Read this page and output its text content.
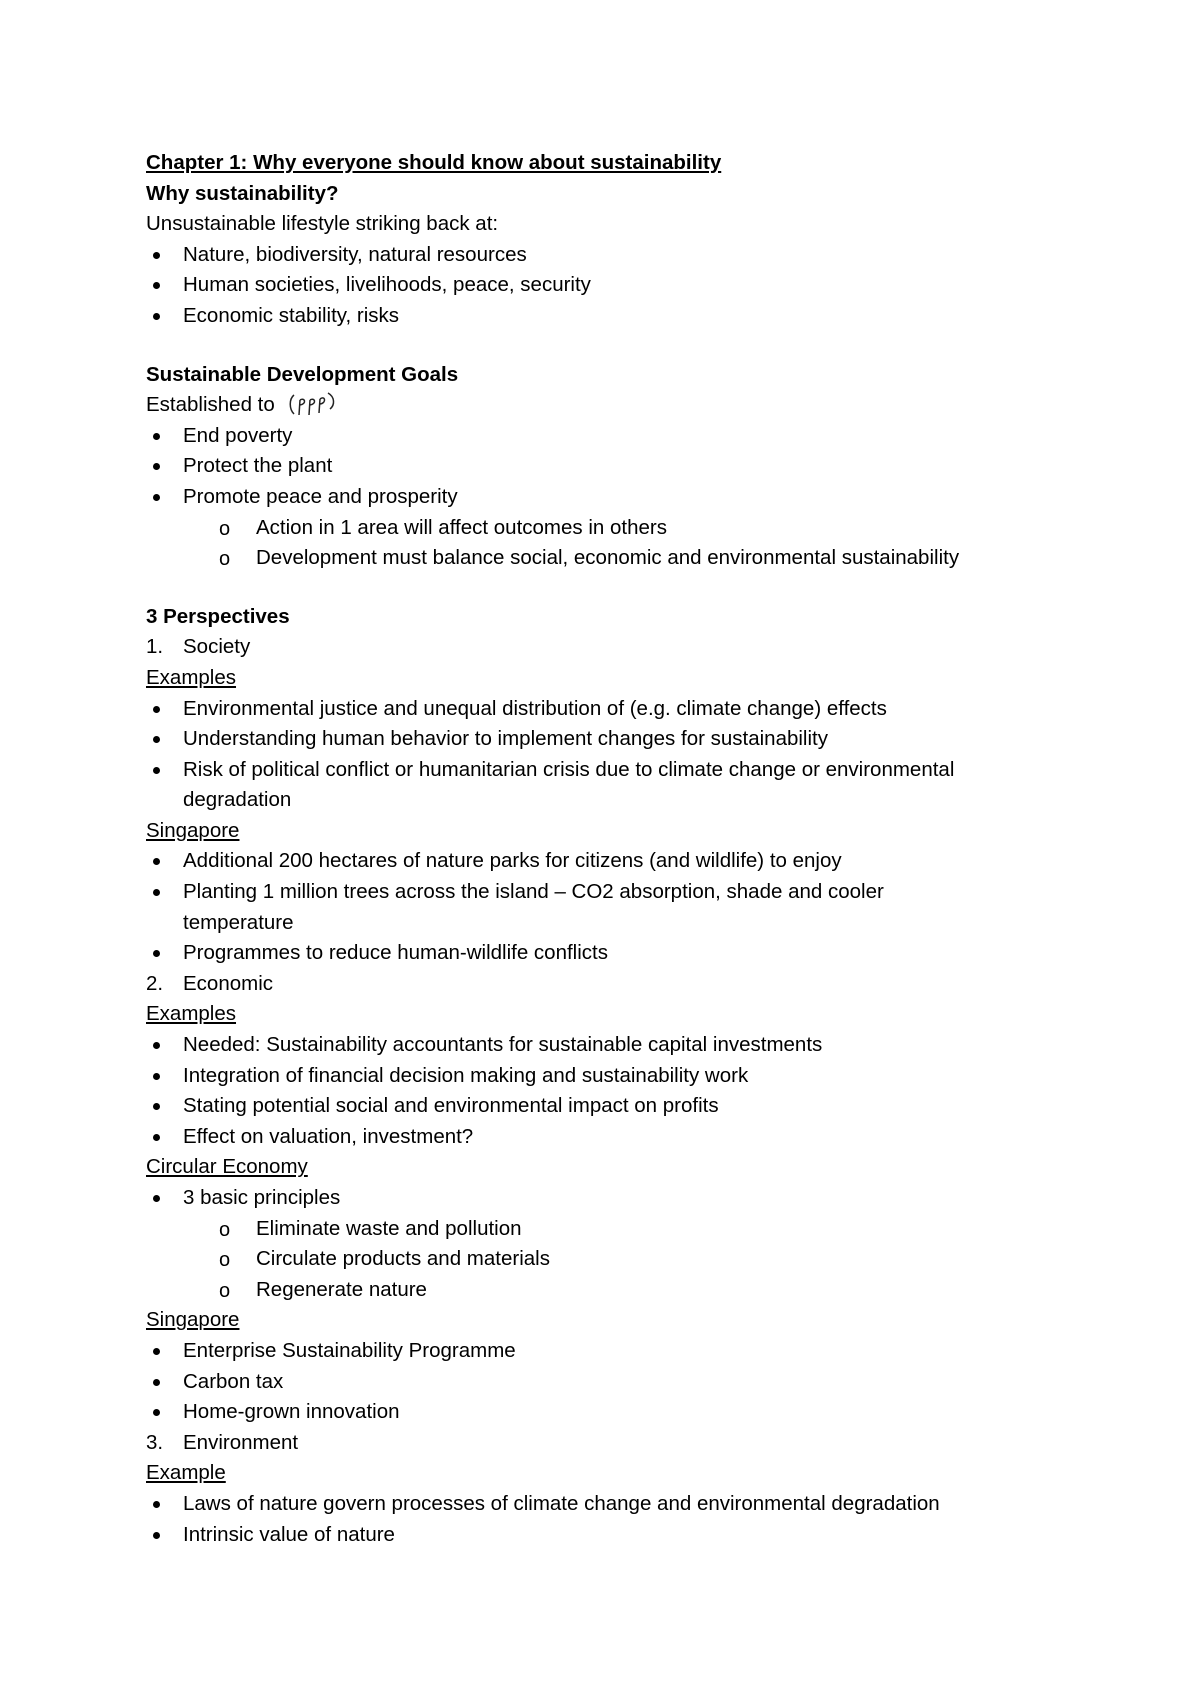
Chapter 1: Why everyone should know about sustainability
Why sustainability?
Unsustainable lifestyle striking back at:
Nature, biodiversity, natural resources
Human societies, livelihoods, peace, security
Economic stability, risks
Sustainable Development Goals
Established to
End poverty
Protect the plant
Promote peace and prosperity
o Action in 1 area will affect outcomes in others
o Development must balance social, economic and environmental sustainability
3 Perspectives
1. Society
Examples
Environmental justice and unequal distribution of (e.g. climate change) effects
Understanding human behavior to implement changes for sustainability
Risk of political conflict or humanitarian crisis due to climate change or environmental degradation
Singapore
Additional 200 hectares of nature parks for citizens (and wildlife) to enjoy
Planting 1 million trees across the island – CO2 absorption, shade and cooler temperature
Programmes to reduce human-wildlife conflicts
2. Economic
Examples
Needed: Sustainability accountants for sustainable capital investments
Integration of financial decision making and sustainability work
Stating potential social and environmental impact on profits
Effect on valuation, investment?
Circular Economy
3 basic principles
o Eliminate waste and pollution
o Circulate products and materials
o Regenerate nature
Singapore
Enterprise Sustainability Programme
Carbon tax
Home-grown innovation
3. Environment
Example
Laws of nature govern processes of climate change and environmental degradation
Intrinsic value of nature
